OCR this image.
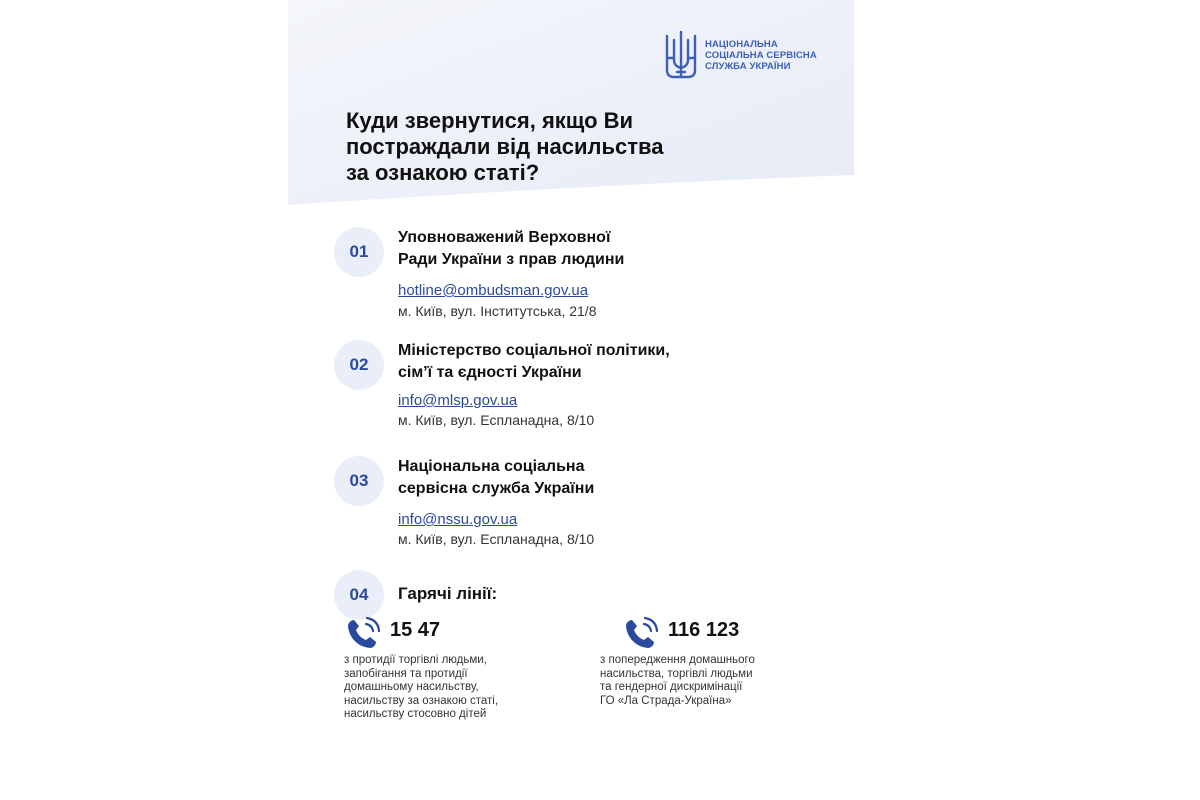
НАЦІОНАЛЬНА
СОЦІАЛЬНА СЕРВІСНА
СЛУЖБА УКРАЇНИ
Куди звернутися, якщо Ви
постраждали від насильства
за ознакою статі?
01
Уповноважений Верховної
Ради України з прав людини
hotline@ombudsman.gov.ua
м. Київ, вул. Інститутська, 21/8
02
Міністерство соціальної політики,
сім’ї та єдності України
info@mlsp.gov.ua
м. Київ, вул. Еспланадна, 8/10
03
Національна соціальна
сервісна служба України
info@nssu.gov.ua
м. Київ, вул. Еспланадна, 8/10
04	Гарячі лінії:
15 47
з протидії торгівлі людьми,
запобігання та протидії
домашньому насильству,
насильству за ознакою статі,
насильству стосовно дітей
116 123
з попередження домашнього
насильства, торгівлі людьми
та гендерної дискримінації
ГО «Ла Страда-Україна»
